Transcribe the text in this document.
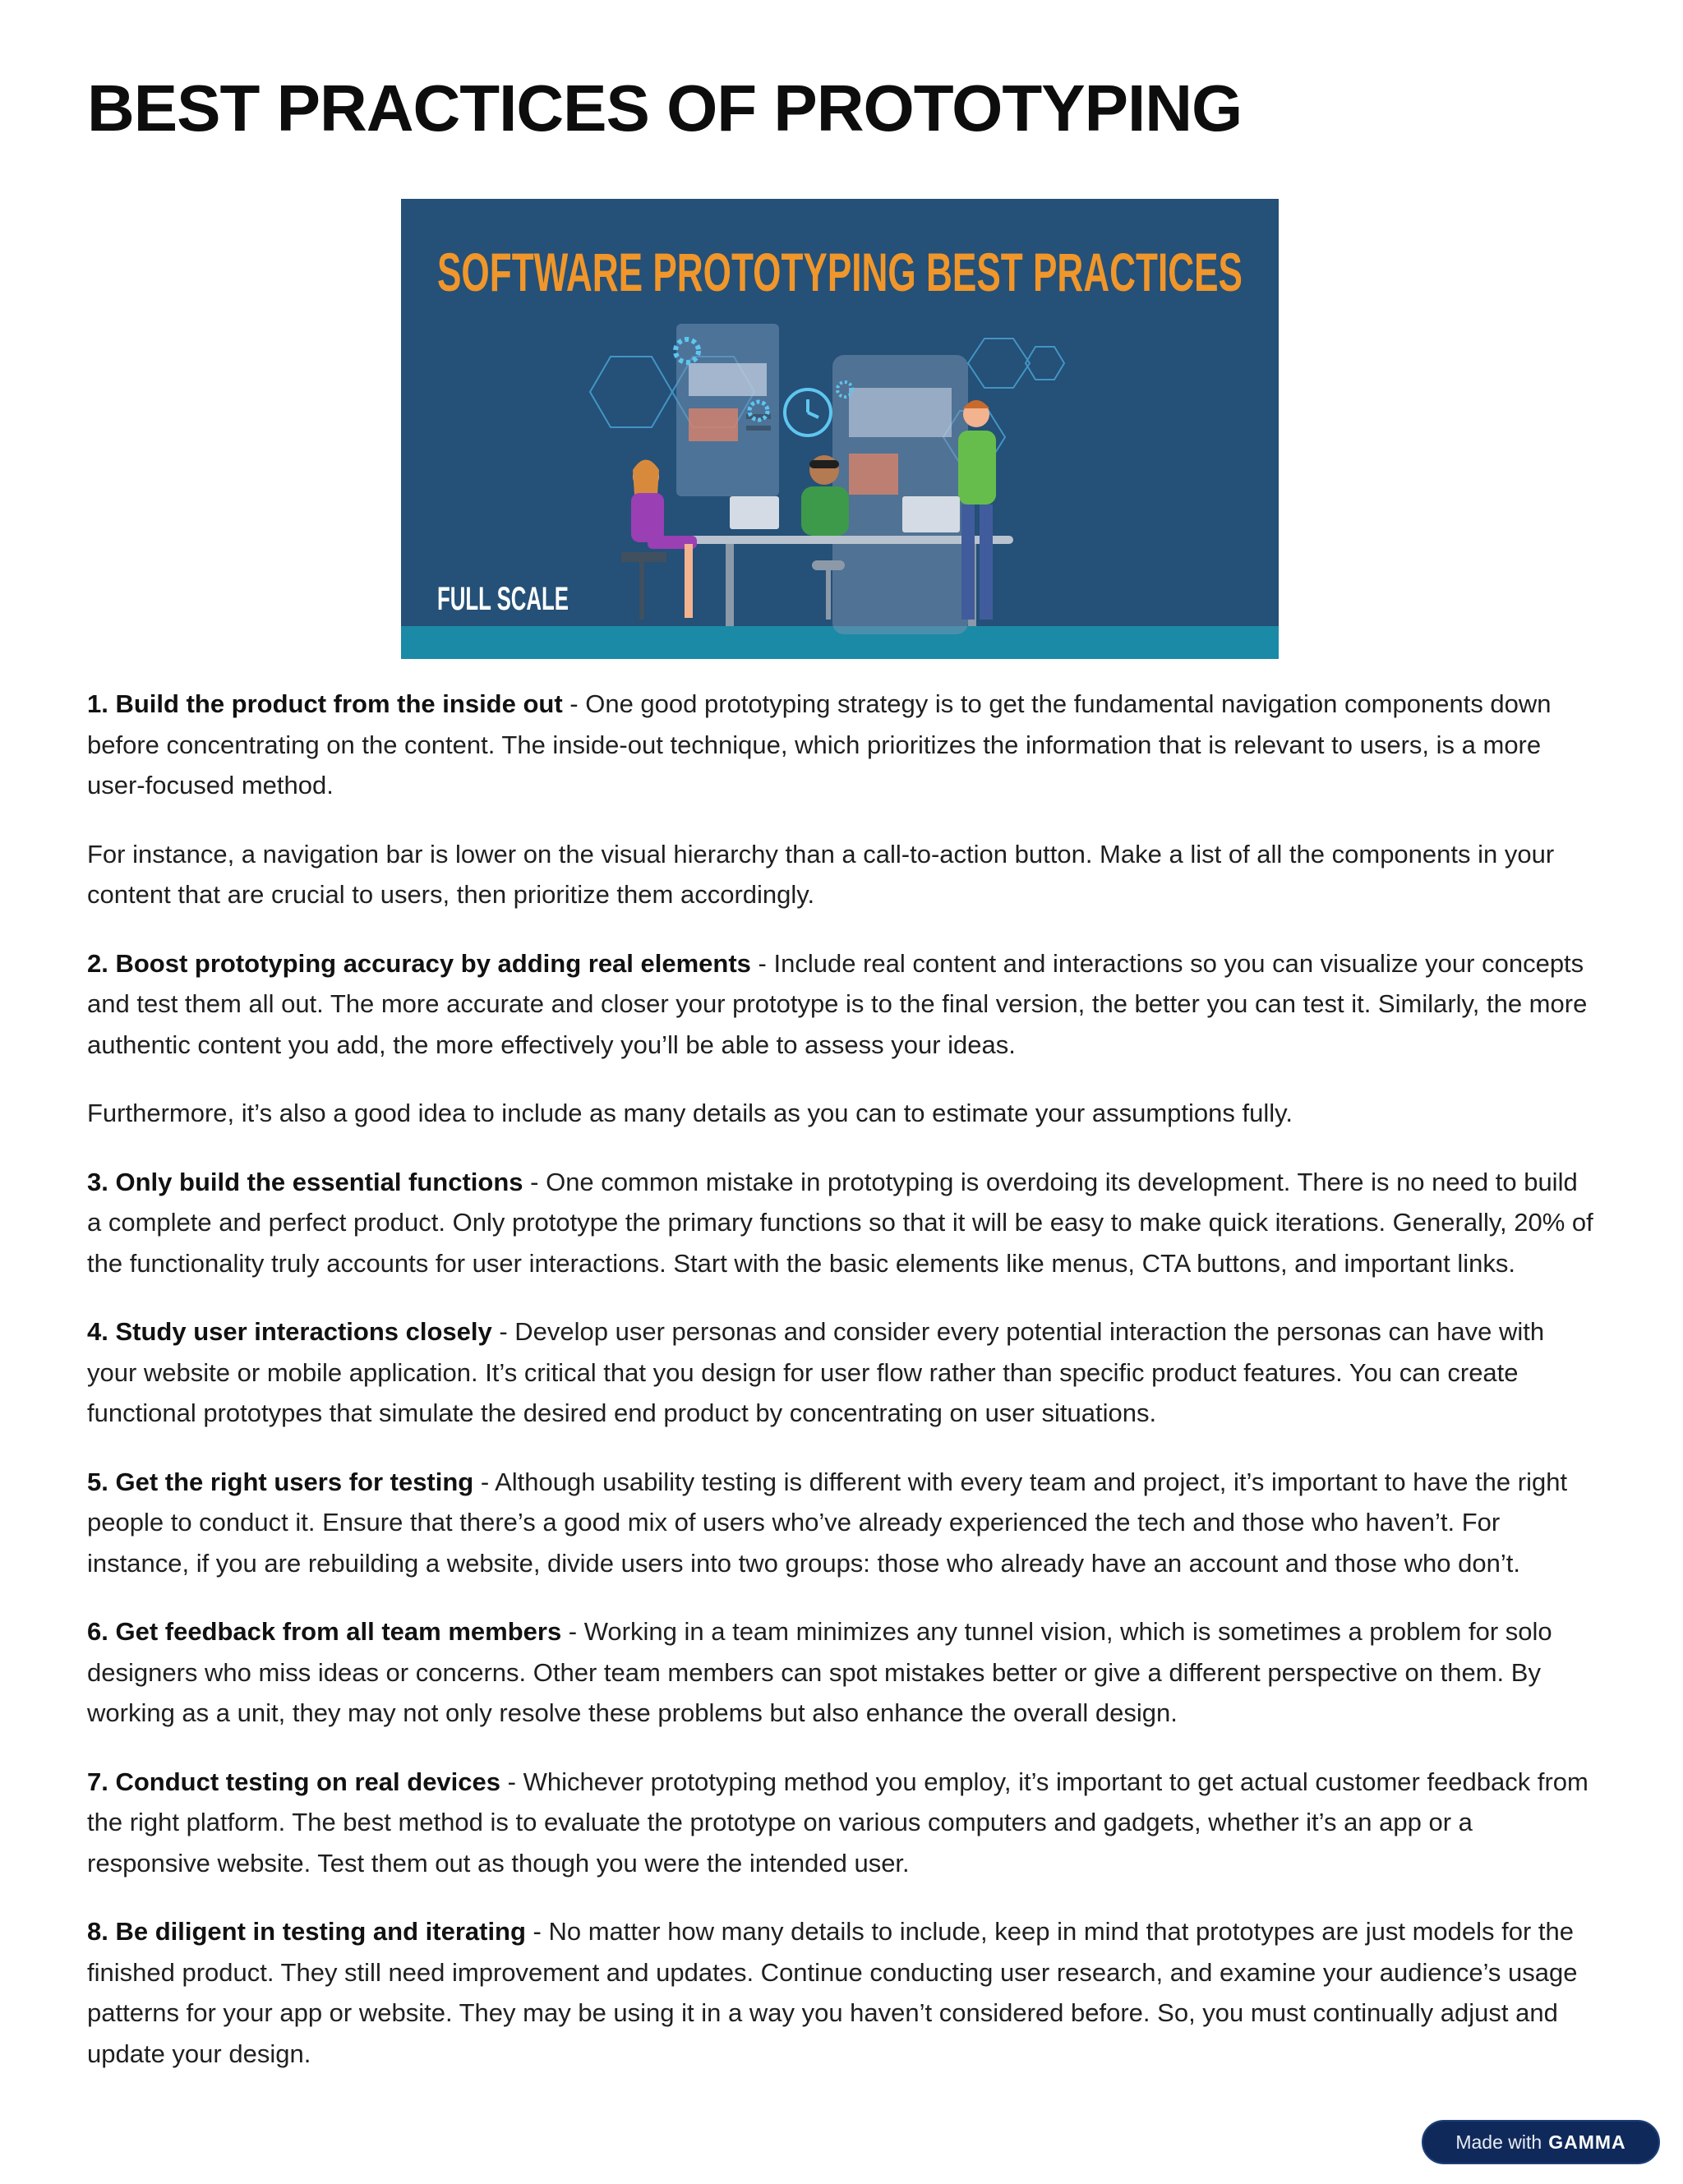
BEST PRACTICES OF PROTOTYPING
SOFTWARE PROTOTYPING BEST PRACTICES
FULL SCALE

1. Build the product from the inside out - One good prototyping strategy is to get the fundamental navigation components down before concentrating on the content. The inside-out technique, which prioritizes the information that is relevant to users, is a more user-focused method.

For instance, a navigation bar is lower on the visual hierarchy than a call-to-action button. Make a list of all the components in your content that are crucial to users, then prioritize them accordingly.

2. Boost prototyping accuracy by adding real elements - Include real content and interactions so you can visualize your concepts and test them all out. The more accurate and closer your prototype is to the final version, the better you can test it. Similarly, the more authentic content you add, the more effectively you’ll be able to assess your ideas.

Furthermore, it’s also a good idea to include as many details as you can to estimate your assumptions fully.

3. Only build the essential functions - One common mistake in prototyping is overdoing its development. There is no need to build a complete and perfect product. Only prototype the primary functions so that it will be easy to make quick iterations. Generally, 20% of the functionality truly accounts for user interactions. Start with the basic elements like menus, CTA buttons, and important links.

4. Study user interactions closely - Develop user personas and consider every potential interaction the personas can have with your website or mobile application. It’s critical that you design for user flow rather than specific product features. You can create functional prototypes that simulate the desired end product by concentrating on user situations.

5. Get the right users for testing - Although usability testing is different with every team and project, it’s important to have the right people to conduct it. Ensure that there’s a good mix of users who’ve already experienced the tech and those who haven’t. For instance, if you are rebuilding a website, divide users into two groups: those who already have an account and those who don’t.

6. Get feedback from all team members - Working in a team minimizes any tunnel vision, which is sometimes a problem for solo designers who miss ideas or concerns. Other team members can spot mistakes better or give a different perspective on them. By working as a unit, they may not only resolve these problems but also enhance the overall design.

7. Conduct testing on real devices - Whichever prototyping method you employ, it’s important to get actual customer feedback from the right platform. The best method is to evaluate the prototype on various computers and gadgets, whether it’s an app or a responsive website. Test them out as though you were the intended user.

8. Be diligent in testing and iterating - No matter how many details to include, keep in mind that prototypes are just models for the finished product. They still need improvement and updates. Continue conducting user research, and examine your audience’s usage patterns for your app or website. They may be using it in a way you haven’t considered before. So, you must continually adjust and update your design.

Made with GAMMA
